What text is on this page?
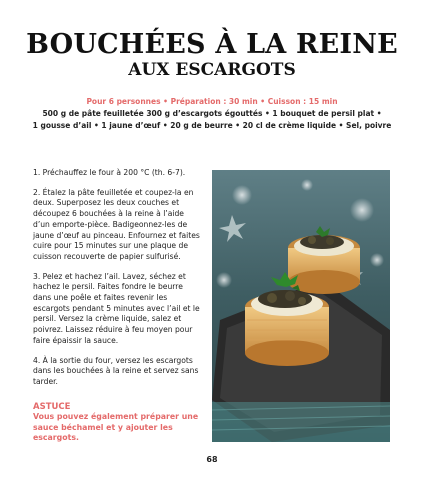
BOUCHÉES À LA REINE
AUX ESCARGOTS
Pour 6 personnes • Préparation : 30 min • Cuisson : 15 min
500 g de pâte feuilletée 300 g d’escargots égouttés • 1 bouquet de persil plat •
1 gousse d’ail • 1 jaune d’œuf • 20 g de beurre • 20 cl de crème liquide • Sel, poivre

1. Préchauffez le four à 200 °C (th. 6-7).

2. Étalez la pâte feuilletée et coupez-la en deux. Superposez les deux couches et découpez 6 bouchées à la reine à l’aide d’un emporte-pièce. Badigeonnez-les de jaune d’œuf au pinceau. Enfournez et faites cuire pour 15 minutes sur une plaque de cuisson recouverte de papier sulfurisé.

3. Pelez et hachez l’ail. Lavez, séchez et hachez le persil. Faites fondre le beurre dans une poêle et faites revenir les escargots pendant 5 minutes avec l’ail et le persil. Versez la crème liquide, salez et poivrez. Laissez réduire à feu moyen pour faire épaissir la sauce.

4. À la sortie du four, versez les escargots dans les bouchées à la reine et servez sans tarder.

ASTUCE
Vous pouvez également préparer une sauce béchamel et y ajouter les escargots.
68
